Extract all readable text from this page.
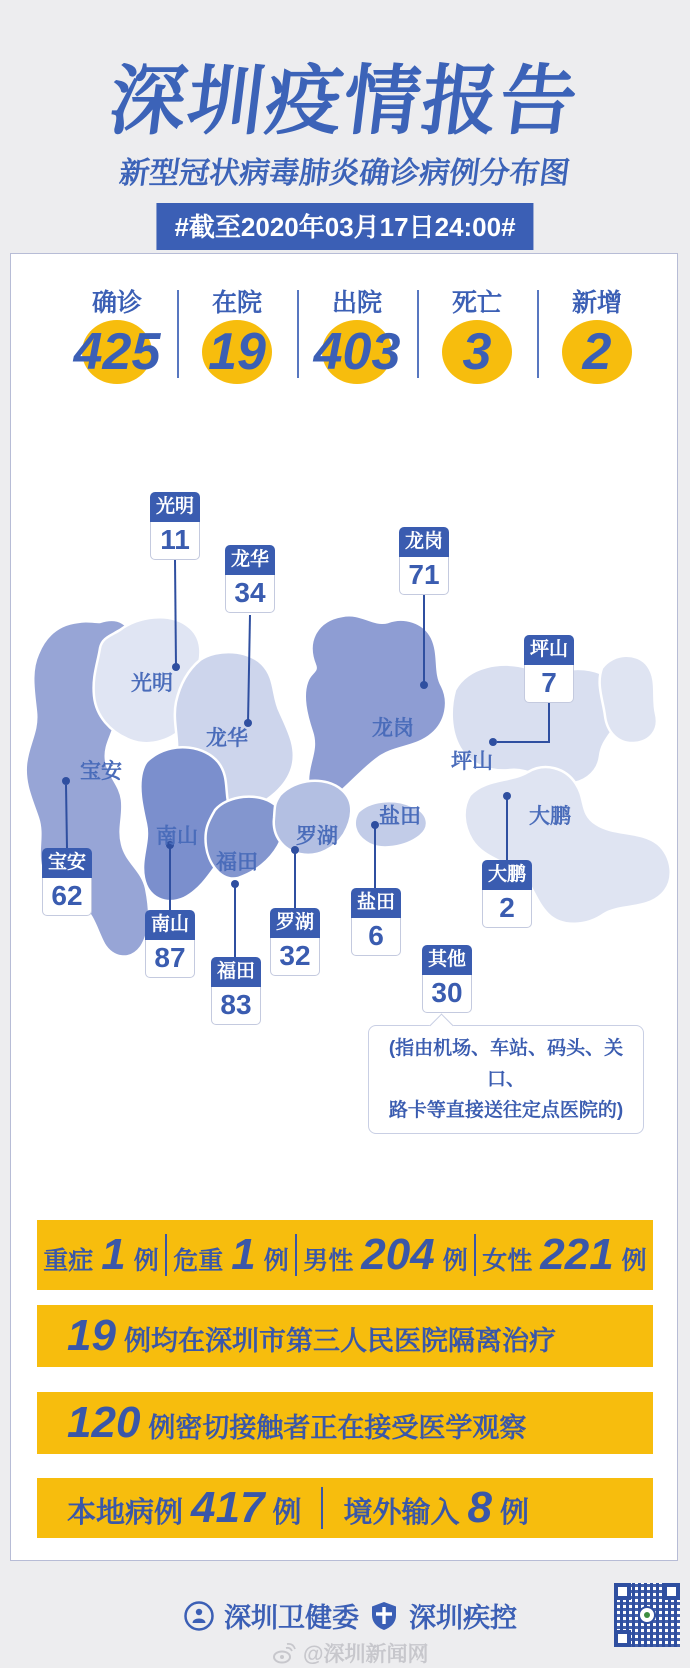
深圳疫情报告
新型冠状病毒肺炎确诊病例分布图
#截至2020年03月17日24:00#
确诊
425
在院
19
出院
403
死亡
3
新增
2
光明
龙华	龙岗
坪山
宝安
南山
福田
罗湖
盐田	大鹏
光明
11
龙华
34
龙岗
71
坪山
7
宝安
62
南山
87	福田
83
罗湖
32
盐田
6
大鹏
2
其他
30
(指由机场、车站、码头、关口、
路卡等直接送往定点医院的)
重症 1 例 危重 1 例 男性 204 例 女性 221 例
19 例均在深圳市第三人民医院隔离治疗
120 例密切接触者正在接受医学观察
本地病例 417 例 境外输入 8 例
深圳卫健委 深圳疾控
@深圳新闻网
